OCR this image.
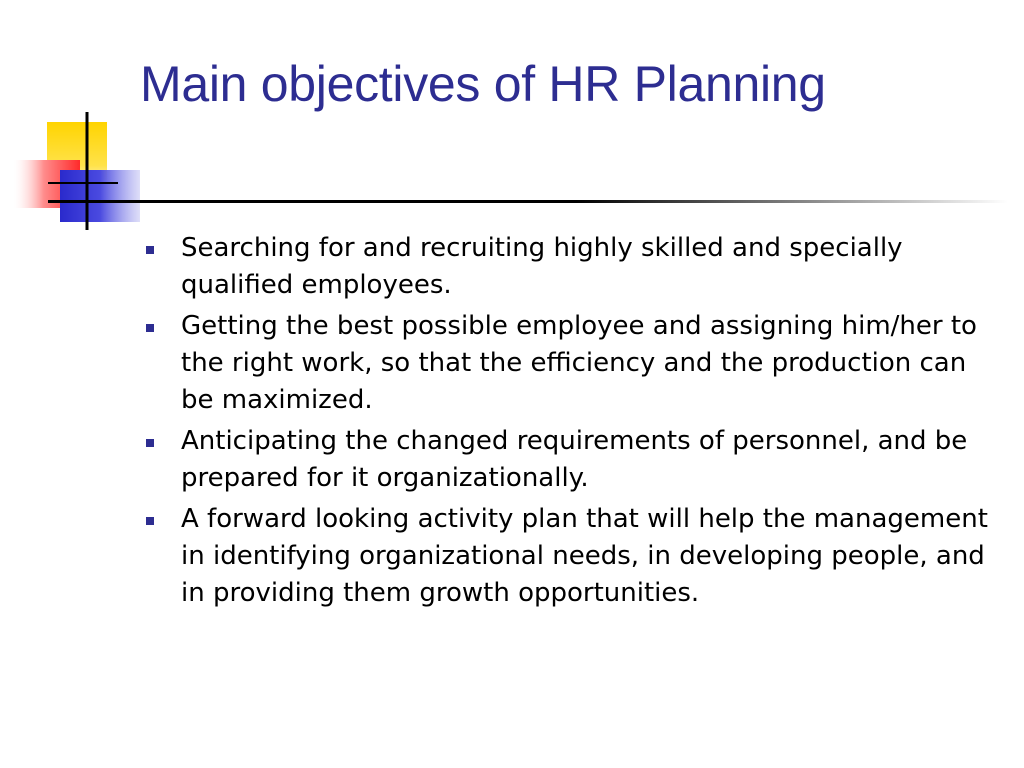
Main objectives of HR Planning
Searching for and recruiting highly skilled and specially qualified employees.
Getting the best possible employee and assigning him/her to the right work, so that the efficiency and the production can be maximized.
Anticipating the changed requirements of personnel, and be prepared for it organizationally.
A forward looking activity plan that will help the management in identifying organizational needs, in developing people, and in providing them growth opportunities.
